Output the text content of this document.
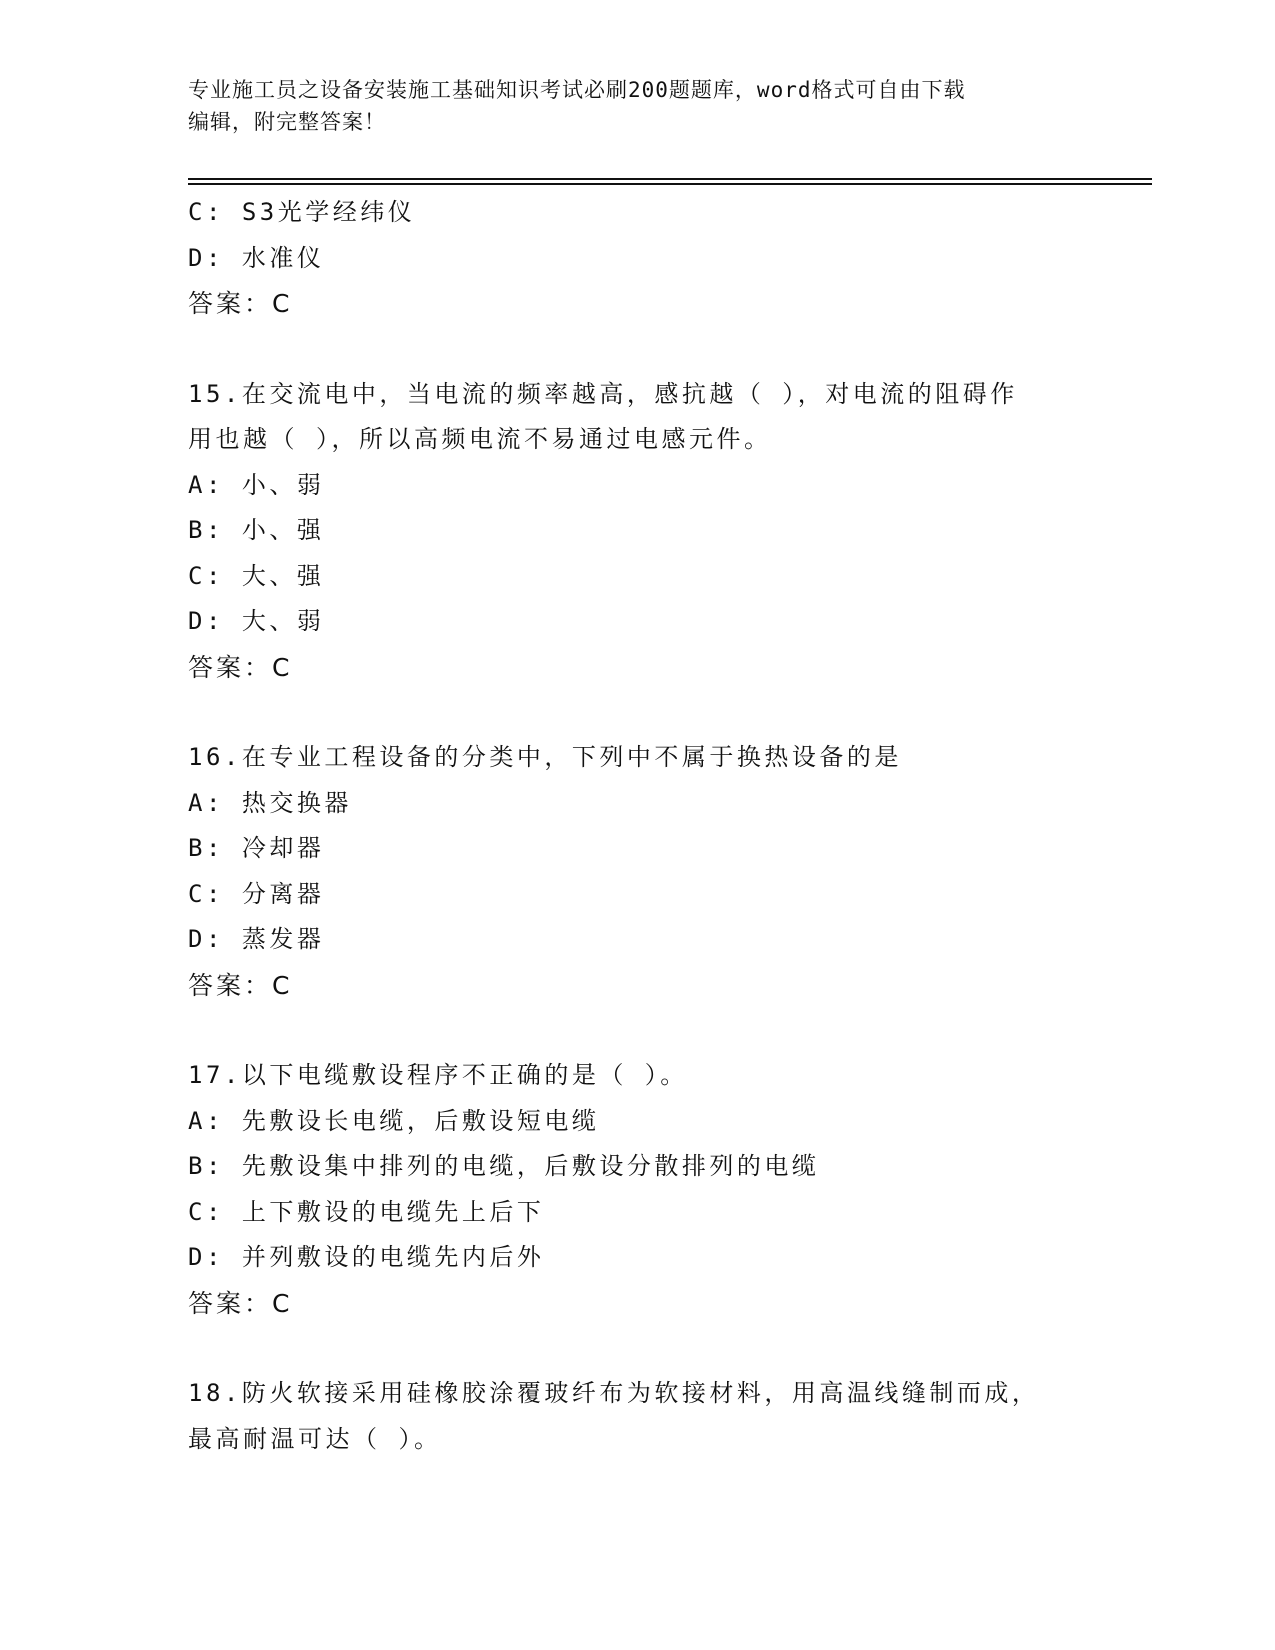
专业施工员之设备安装施工基础知识考试必刷200题题库，word格式可自由下载
编辑，附完整答案！
C: S3光学经纬仪
D: 水准仪
答案：C
15.在交流电中，当电流的频率越高，感抗越（ ），对电流的阻碍作
用也越（ ），所以高频电流不易通过电感元件。
A: 小、弱
B: 小、强
C: 大、强
D: 大、弱
答案：C
16.在专业工程设备的分类中，下列中不属于换热设备的是
A: 热交换器
B: 冷却器
C: 分离器
D: 蒸发器
答案：C
17.以下电缆敷设程序不正确的是（ ）。
A: 先敷设长电缆，后敷设短电缆
B: 先敷设集中排列的电缆，后敷设分散排列的电缆
C: 上下敷设的电缆先上后下
D: 并列敷设的电缆先内后外
答案：C
18.防火软接采用硅橡胶涂覆玻纤布为软接材料，用高温线缝制而成，
最高耐温可达（ ）。
